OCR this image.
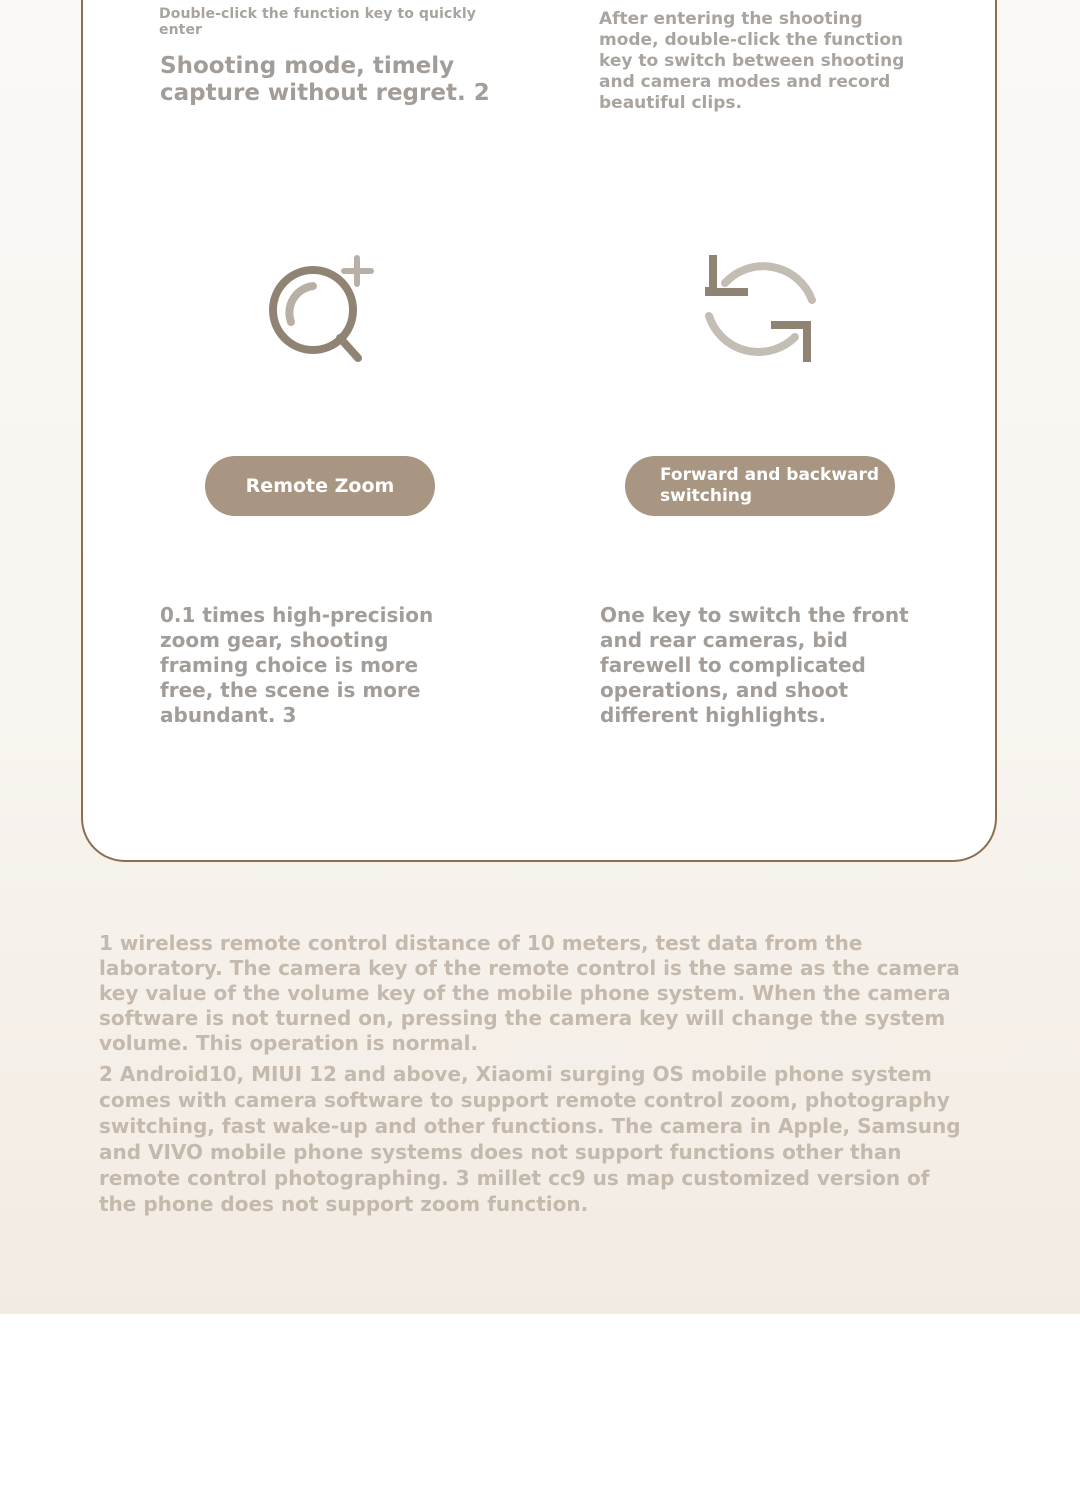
Double-click the function key to quickly enter
Shooting mode, timely capture without regret. 2
After entering the shooting mode, double-click the function key to switch between shooting and camera modes and record beautiful clips.
Remote Zoom	Forward and backward switching
0.1 times high-precision zoom gear, shooting framing choice is more free, the scene is more abundant. 3
One key to switch the front and rear cameras, bid farewell to complicated operations, and shoot different highlights.
1 wireless remote control distance of 10 meters, test data from the laboratory. The camera key of the remote control is the same as the camera key value of the volume key of the mobile phone system. When the camera software is not turned on, pressing the camera key will change the system volume. This operation is normal.
2 Android10, MIUI 12 and above, Xiaomi surging OS mobile phone system comes with camera software to support remote control zoom, photography switching, fast wake-up and other functions. The camera in Apple, Samsung and VIVO mobile phone systems does not support functions other than remote control photographing. 3 millet cc9 us map customized version of the phone does not support zoom function.
